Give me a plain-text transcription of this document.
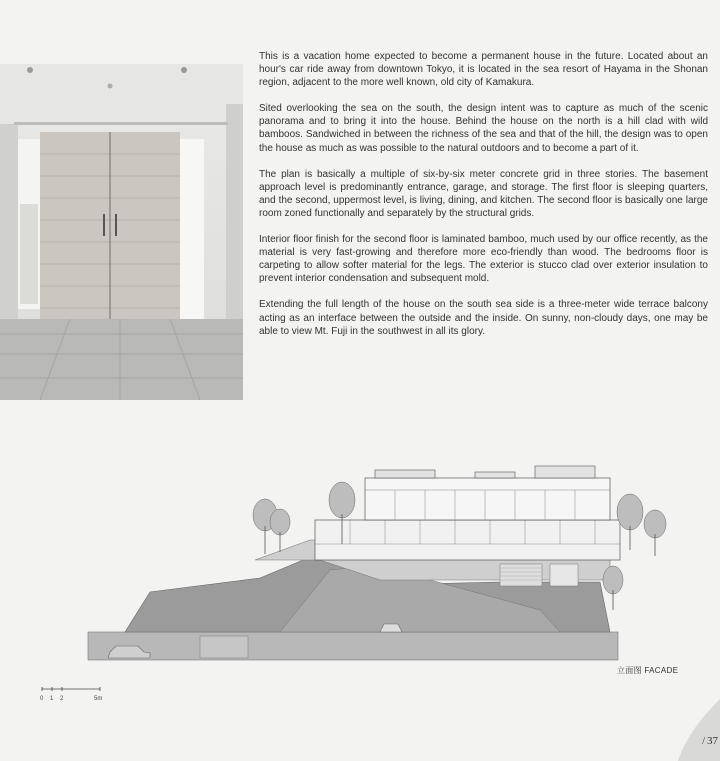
This is a vacation home expected to become a permanent house in the future. Located about an hour's car ride away from downtown Tokyo, it is located in the sea resort of Hayama in the Shonan region, adjacent to the more well known, old city of Kamakura.

Sited overlooking the sea on the south, the design intent was to capture as much of the scenic panorama and to bring it into the house. Behind the house on the north is a hill clad with wild bamboos. Sandwiched in between the richness of the sea and that of the hill, the design was to open the house as much as was possible to the natural outdoors and to become a part of it.

The plan is basically a multiple of six-by-six meter concrete grid in three stories. The basement approach level is predominantly entrance, garage, and storage. The first floor is sleeping quarters, and the second, uppermost level, is living, dining, and kitchen. The second floor is basically one large room zoned functionally and separately by the structural grids.

Interior floor finish for the second floor is laminated bamboo, much used by our office recently, as the material is very fast-growing and therefore more eco-friendly than wood. The bedrooms floor is carpeting to allow softer material for the legs. The exterior is stucco clad over exterior insulation to prevent interior condensation and subsequent mold.

Extending the full length of the house on the south sea side is a three-meter wide terrace balcony acting as an interface between the outside and the inside. On sunny, non-cloudy days, one may be able to view Mt. Fuji in the southwest in all its glory.

立面图 FACADE
0 1 2	5m
/ 37
